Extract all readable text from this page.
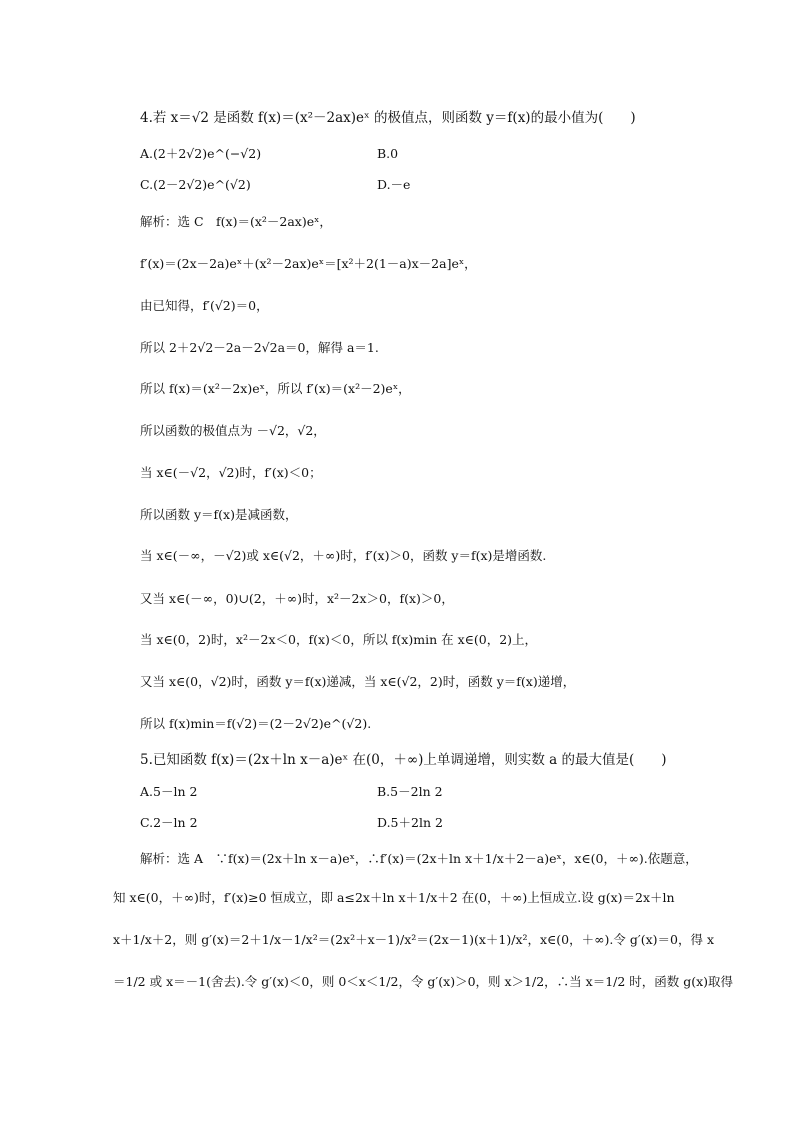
4.若 x＝√2 是函数 f(x)＝(x²－2ax)eˣ 的极值点，则函数 y＝f(x)的最小值为(　　)

A.(2＋2√2)e^(−√2)	B.0

C.(2－2√2)e^(√2)	D.－e

解析：选 C　f(x)＝(x²－2ax)eˣ，

f′(x)＝(2x－2a)eˣ＋(x²－2ax)eˣ＝[x²＋2(1－a)x－2a]eˣ，

由已知得，f′(√2)＝0，

所以 2＋2√2－2a－2√2a＝0，解得 a＝1.

所以 f(x)＝(x²－2x)eˣ，所以 f′(x)＝(x²－2)eˣ，

所以函数的极值点为 －√2，√2，

当 x∈(－√2，√2)时，f′(x)＜0；

所以函数 y＝f(x)是减函数，

当 x∈(－∞，－√2)或 x∈(√2，＋∞)时，f′(x)＞0，函数 y＝f(x)是增函数.

又当 x∈(－∞，0)∪(2，＋∞)时，x²－2x＞0，f(x)＞0，

当 x∈(0，2)时，x²－2x＜0，f(x)＜0，所以 f(x)min 在 x∈(0，2)上，

又当 x∈(0，√2)时，函数 y＝f(x)递减，当 x∈(√2，2)时，函数 y＝f(x)递增，

所以 f(x)min＝f(√2)＝(2－2√2)e^(√2).

5.已知函数 f(x)＝(2x＋ln x－a)eˣ 在(0，＋∞)上单调递增，则实数 a 的最大值是(　　)

A.5－ln 2	B.5－2ln 2

C.2－ln 2	D.5＋2ln 2

解析：选 A　∵f(x)＝(2x＋ln x－a)eˣ，∴f′(x)＝(2x＋ln x＋1/x＋2－a)eˣ，x∈(0，＋∞).依题意，

知 x∈(0，＋∞)时，f′(x)≥0 恒成立，即 a≤2x＋ln x＋1/x＋2 在(0，＋∞)上恒成立.设 g(x)＝2x＋ln

x＋1/x＋2，则 g′(x)＝2＋1/x－1/x²＝(2x²＋x－1)/x²＝(2x－1)(x＋1)/x²，x∈(0，＋∞).令 g′(x)＝0，得 x

＝1/2 或 x＝－1(舍去).令 g′(x)＜0，则 0＜x＜1/2，令 g′(x)＞0，则 x＞1/2，∴当 x＝1/2 时，函数 g(x)取得
